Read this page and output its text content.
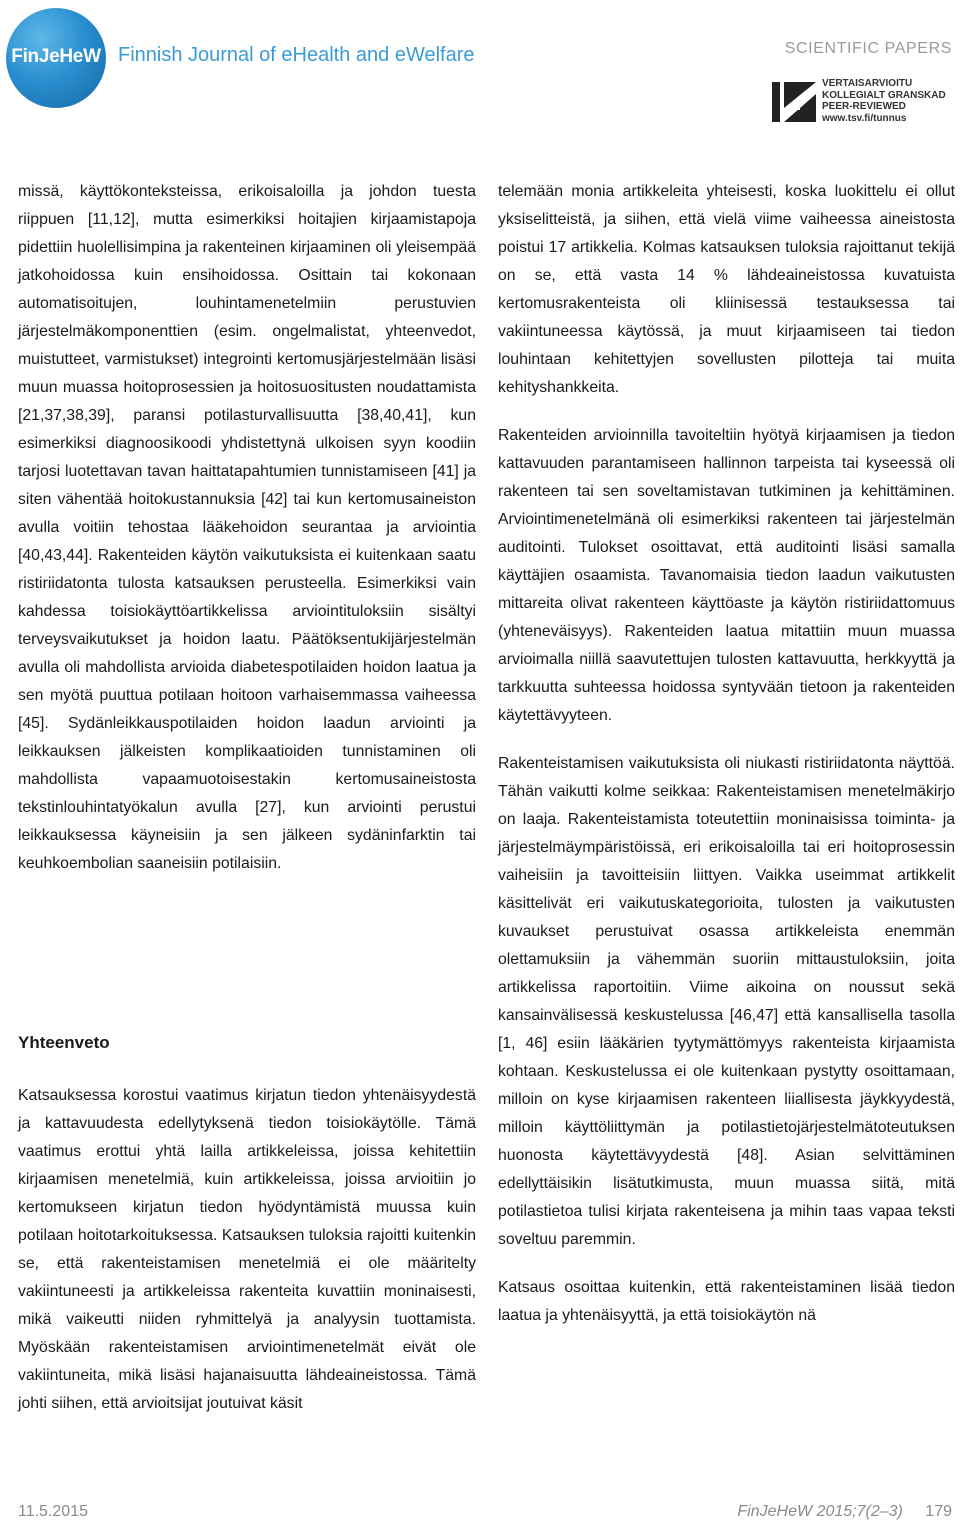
FinJeHeW Finnish Journal of eHealth and eWelfare	SCIENTIFIC PAPERS
VERTAISARVIOITU
KOLLEGIALT GRANSKAD
PEER-REVIEWED
www.tsv.fi/tunnus

missä, käyttökonteksteissa, erikoisaloilla ja johdon tuesta riippuen [11,12], mutta esimerkiksi hoitajien kirjaamistapoja pidettiin huolellisimpina ja rakenteinen kirjaaminen oli yleisempää jatkohoidossa kuin ensihoidossa. Osittain tai kokonaan automatisoitujen, louhintamenetelmiin perustuvien järjestelmäkomponenttien (esim. ongelmalistat, yhteenvedot, muistutteet, varmistukset) integrointi kertomusjärjestelmään lisäsi muun muassa hoitoprosessien ja hoitosuositusten noudattamista [21,37,38,39], paransi potilasturvallisuutta [38,40,41], kun esimerkiksi diagnoosikoodi yhdistettynä ulkoisen syyn koodiin tarjosi luotettavan tavan haittatapahtumien tunnistamiseen [41] ja siten vähentää hoitokustannuksia [42] tai kun kertomusaineiston avulla voitiin tehostaa lääkehoidon seurantaa ja arviointia [40,43,44]. Rakenteiden käytön vaikutuksista ei kuitenkaan saatu ristiriidatonta tulosta katsauksen perusteella. Esimerkiksi vain kahdessa toisiokäyttöartikkelissa arviointituloksiin sisältyi terveysvaikutukset ja hoidon laatu. Päätöksentukijärjestelmän avulla oli mahdollista arvioida diabetespotilaiden hoidon laatua ja sen myötä puuttua potilaan hoitoon varhaisemmassa vaiheessa [45]. Sydänleikkauspotilaiden hoidon laadun arviointi ja leikkauksen jälkeisten komplikaatioiden tunnistaminen oli mahdollista vapaamuotoisestakin kertomusaineistosta tekstinlouhintatyökalun avulla [27], kun arviointi perustui leikkauksessa käyneisiin ja sen jälkeen sydäninfarktin tai keuhkoembolian saaneisiin potilaisiin.

Yhteenveto

Katsauksessa korostui vaatimus kirjatun tiedon yhtenäisyydestä ja kattavuudesta edellytyksenä tiedon toisiokäytölle. Tämä vaatimus erottui yhtä lailla artikkeleissa, joissa kehitettiin kirjaamisen menetelmiä, kuin artikkeleissa, joissa arvioitiin jo kertomukseen kirjatun tiedon hyödyntämistä muussa kuin potilaan hoitotarkoituksessa. Katsauksen tuloksia rajoitti kuitenkin se, että rakenteistamisen menetelmiä ei ole määritelty vakiintuneesti ja artikkeleissa rakenteita kuvattiin moninaisesti, mikä vaikeutti niiden ryhmittelyä ja analyysin tuottamista. Myöskään rakenteistamisen arviointimenetelmät eivät ole vakiintuneita, mikä lisäsi hajanaisuutta lähdeaineistossa. Tämä johti siihen, että arvioitsijat joutuivat käsit

telemään monia artikkeleita yhteisesti, koska luokittelu ei ollut yksiselitteistä, ja siihen, että vielä viime vaiheessa aineistosta poistui 17 artikkelia. Kolmas katsauksen tuloksia rajoittanut tekijä on se, että vasta 14 % lähdeaineistossa kuvatuista kertomusrakenteista oli kliinisessä testauksessa tai vakiintuneessa käytössä, ja muut kirjaamiseen tai tiedon louhintaan kehitettyjen sovellusten pilotteja tai muita kehityshankkeita.

Rakenteiden arvioinnilla tavoiteltiin hyötyä kirjaamisen ja tiedon kattavuuden parantamiseen hallinnon tarpeista tai kyseessä oli rakenteen tai sen soveltamistavan tutkiminen ja kehittäminen. Arviointimenetelmänä oli esimerkiksi rakenteen tai järjestelmän auditointi. Tulokset osoittavat, että auditointi lisäsi samalla käyttäjien osaamista. Tavanomaisia tiedon laadun vaikutusten mittareita olivat rakenteen käyttöaste ja käytön ristiriidattomuus (yhteneväisyys). Rakenteiden laatua mitattiin muun muassa arvioimalla niillä saavutettujen tulosten kattavuutta, herkkyyttä ja tarkkuutta suhteessa hoidossa syntyvään tietoon ja rakenteiden käytettävyyteen.

Rakenteistamisen vaikutuksista oli niukasti ristiriidatonta näyttöä. Tähän vaikutti kolme seikkaa: Rakenteistamisen menetelmäkirjo on laaja. Rakenteistamista toteutettiin moninaisissa toiminta- ja järjestelmäympäristöissä, eri erikoisaloilla tai eri hoitoprosessin vaiheisiin ja tavoitteisiin liittyen. Vaikka useimmat artikkelit käsittelivät eri vaikutuskategorioita, tulosten ja vaikutusten kuvaukset perustuivat osassa artikkeleista enemmän olettamuksiin ja vähemmän suoriin mittaustuloksiin, joita artikkelissa raportoitiin. Viime aikoina on noussut sekä kansainvälisessä keskustelussa [46,47] että kansallisella tasolla [1, 46] esiin lääkärien tyytymättömyys rakenteista kirjaamista kohtaan. Keskustelussa ei ole kuitenkaan pystytty osoittamaan, milloin on kyse kirjaamisen rakenteen liiallisesta jäykkyydestä, milloin käyttöliittymän ja potilastietojärjestelmätoteutuksen huonosta käytettävyydestä [48]. Asian selvittäminen edellyttäisikin lisätutkimusta, muun muassa siitä, mitä potilastietoa tulisi kirjata rakenteisena ja mihin taas vapaa teksti soveltuu paremmin.

Katsaus osoittaa kuitenkin, että rakenteistaminen lisää tiedon laatua ja yhtenäisyyttä, ja että toisiokäytön nä

11.5.2015	FinJeHeW 2015;7(2–3) 179
